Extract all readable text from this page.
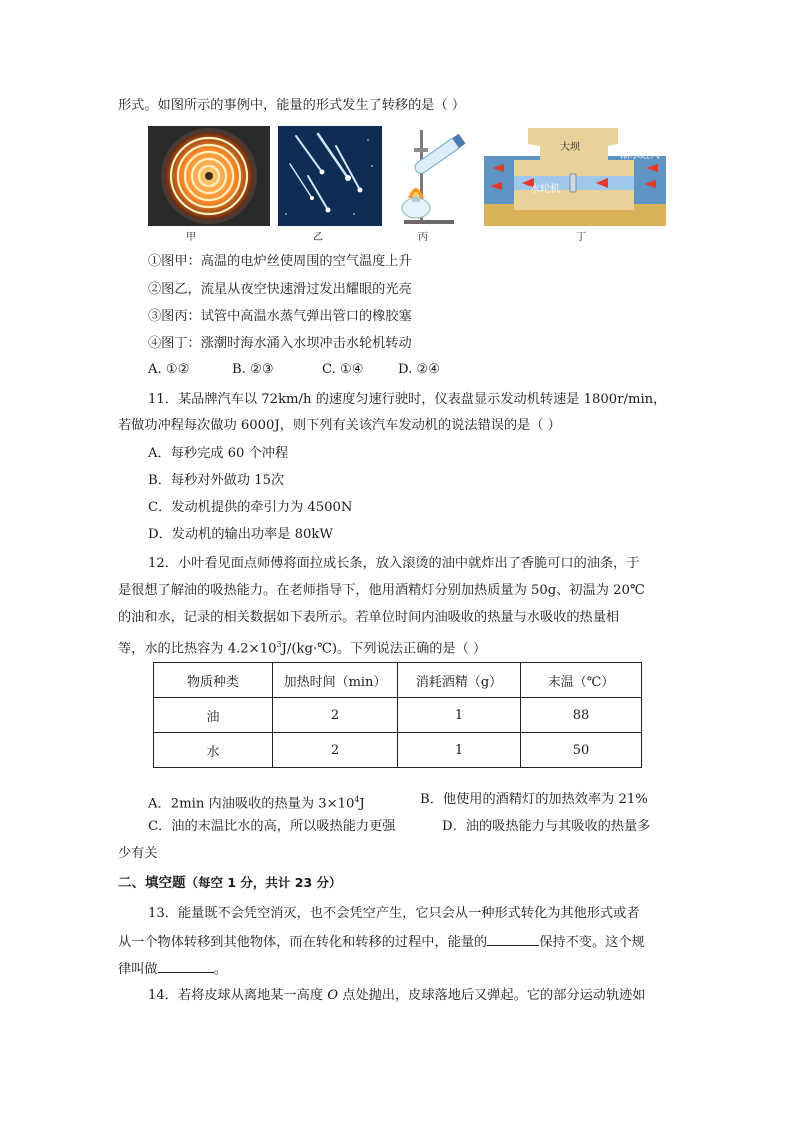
形式。如图所示的事例中，能量的形式发生了转移的是（ ）
甲	乙	丙
大坝
水轮机
潮水进入
丁
①图甲：高温的电炉丝使周围的空气温度上升
②图乙，流星从夜空快速滑过发出耀眼的光亮
③图丙：试管中高温水蒸气弹出管口的橡胶塞
④图丁：涨潮时海水涌入水坝冲击水轮机转动
A. ①②	B. ②③	C. ①④	D. ②④
11．某品牌汽车以 72km/h 的速度匀速行驶时，仪表盘显示发动机转速是 1800r/min，
若做功冲程每次做功 6000J，则下列有关该汽车发动机的说法错误的是（ ）
A．每秒完成 60 个冲程
B．每秒对外做功 15次
C．发动机提供的牵引力为 4500N
D．发动机的输出功率是 80kW
12．小叶看见面点师傅将面拉成长条，放入滚烫的油中就炸出了香脆可口的油条，于
是很想了解油的吸热能力。在老师指导下，他用酒精灯分别加热质量为 50g、初温为 20℃
的油和水，记录的相关数据如下表所示。若单位时间内油吸收的热量与水吸收的热量相
等，水的比热容为 $4.2\times 10^3J/(kg\cdot℃)$。下列说法正确的是（ ）
物质种类	加热时间（min）	消耗酒精（g）	末温（℃）
油	2	1	88
水	2	1	50
A．2min 内油吸收的热量为 $3\times 10^4J$	B．他使用的酒精灯的加热效率为 21%
C．油的末温比水的高，所以吸热能力更强	D．油的吸热能力与其吸收的热量多
少有关
二、填空题（每空 1 分，共计 23 分）
13．能量既不会凭空消灭，也不会凭空产生，它只会从一种形式转化为其他形式或者
从一个物体转移到其他物体，而在转化和转移的过程中，能量的	保持不变。这个规
律叫做	。
14．若将皮球从离地某一高度 O 点处抛出，皮球落地后又弹起。它的部分运动轨迹如
